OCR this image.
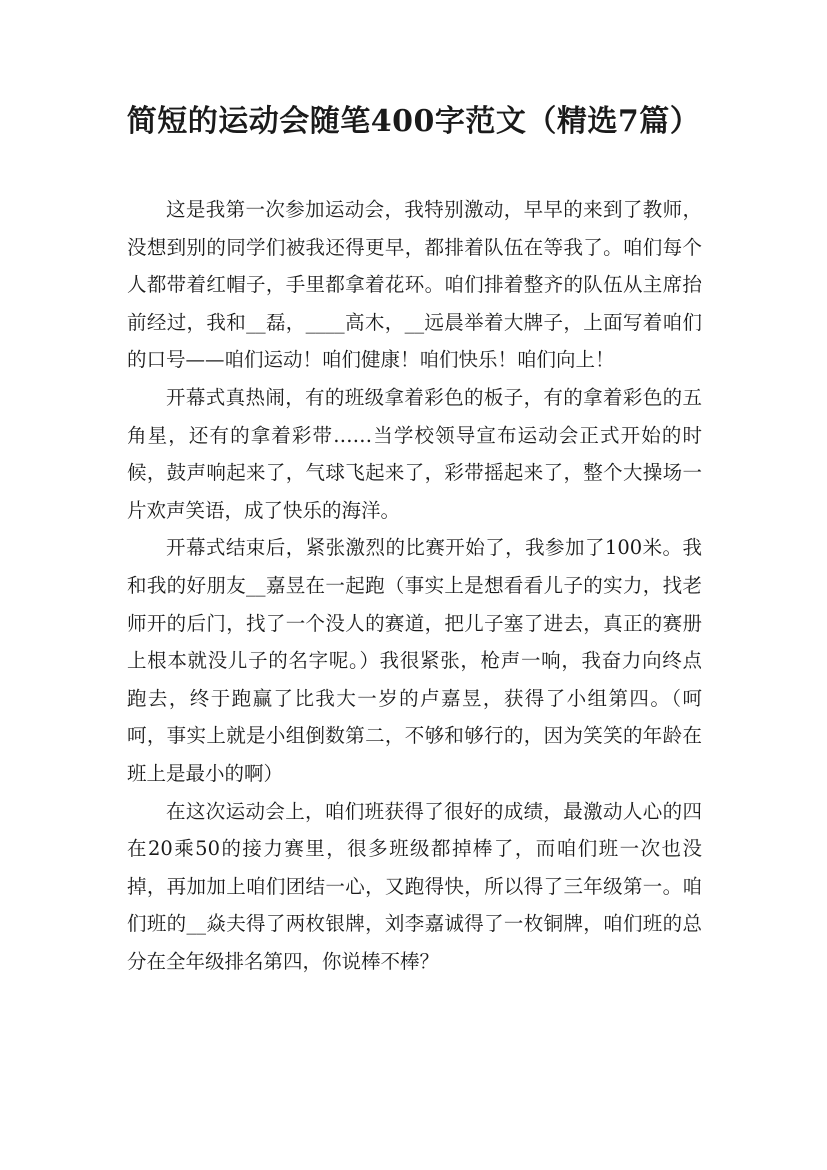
简短的运动会随笔400字范文（精选7篇）

这是我第一次参加运动会，我特别激动，早早的来到了教师，没想到别的同学们被我还得更早，都排着队伍在等我了。咱们每个人都带着红帽子，手里都拿着花环。咱们排着整齐的队伍从主席抬前经过，我和__磊，____高木，__远晨举着大牌子，上面写着咱们的口号——咱们运动！咱们健康！咱们快乐！咱们向上！

开幕式真热闹，有的班级拿着彩色的板子，有的拿着彩色的五角星，还有的拿着彩带……当学校领导宣布运动会正式开始的时候，鼓声响起来了，气球飞起来了，彩带摇起来了，整个大操场一片欢声笑语，成了快乐的海洋。

开幕式结束后，紧张激烈的比赛开始了，我参加了100米。我和我的好朋友__嘉昱在一起跑（事实上是想看看儿子的实力，找老师开的后门，找了一个没人的赛道，把儿子塞了进去，真正的赛册上根本就没儿子的名字呢。）我很紧张，枪声一响，我奋力向终点跑去，终于跑赢了比我大一岁的卢嘉昱，获得了小组第四。（呵呵，事实上就是小组倒数第二，不够和够行的，因为笑笑的年龄在班上是最小的啊）

在这次运动会上，咱们班获得了很好的成绩，最激动人心的四在20乘50的接力赛里，很多班级都掉棒了，而咱们班一次也没掉，再加加上咱们团结一心，又跑得快，所以得了三年级第一。咱们班的__焱夫得了两枚银牌，刘李嘉诚得了一枚铜牌，咱们班的总分在全年级排名第四，你说棒不棒？
